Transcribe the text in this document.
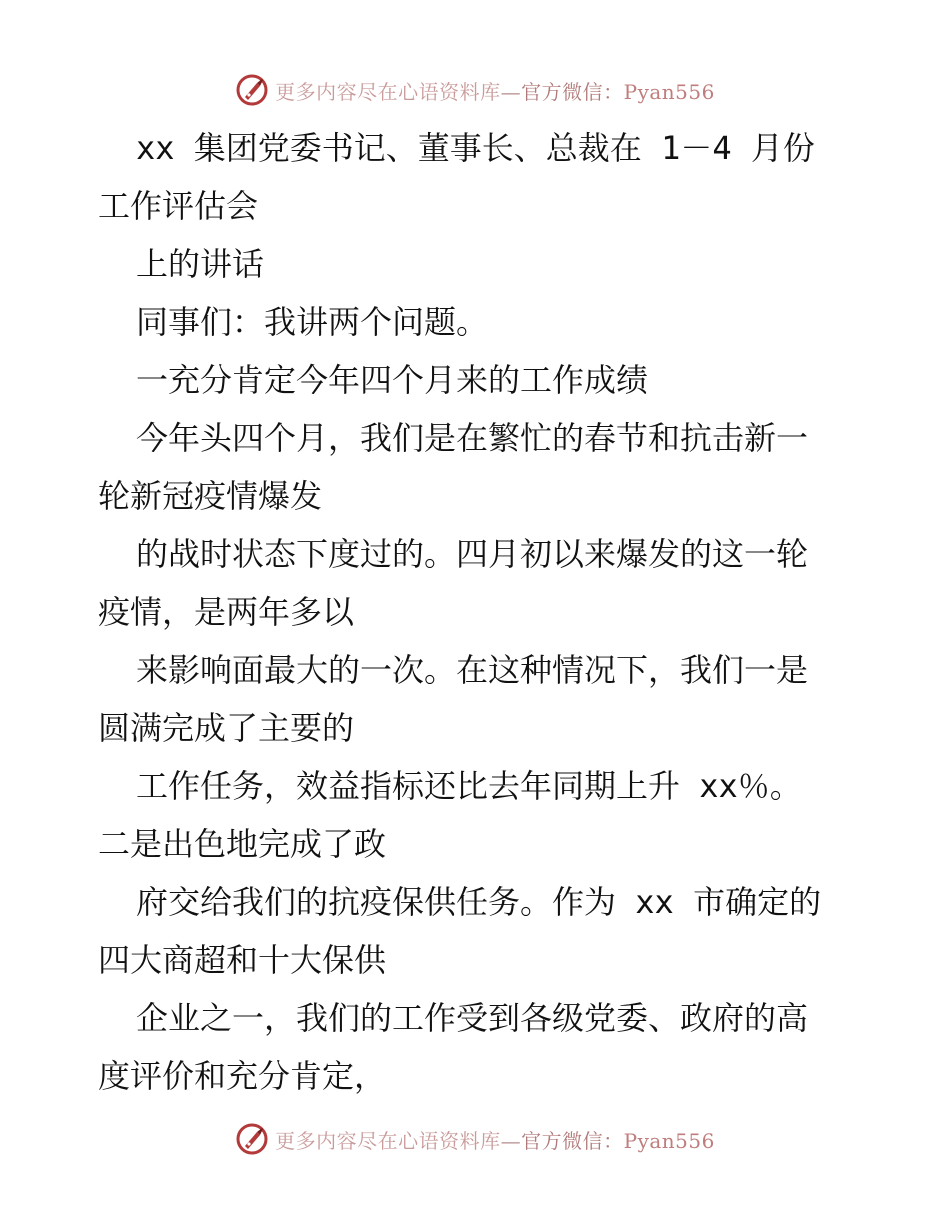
更多内容尽在心语资料库—官方微信：Pyan556
xx 集团党委书记、董事长、总裁在 1－4 月份
工作评估会
上的讲话
同事们：我讲两个问题。
一充分肯定今年四个月来的工作成绩
今年头四个月，我们是在繁忙的春节和抗击新一
轮新冠疫情爆发
的战时状态下度过的。四月初以来爆发的这一轮
疫情，是两年多以
来影响面最大的一次。在这种情况下，我们一是
圆满完成了主要的
工作任务，效益指标还比去年同期上升 xx％。
二是出色地完成了政
府交给我们的抗疫保供任务。作为 xx 市确定的
四大商超和十大保供
企业之一，我们的工作受到各级党委、政府的高
度评价和充分肯定，
更多内容尽在心语资料库—官方微信：Pyan556
